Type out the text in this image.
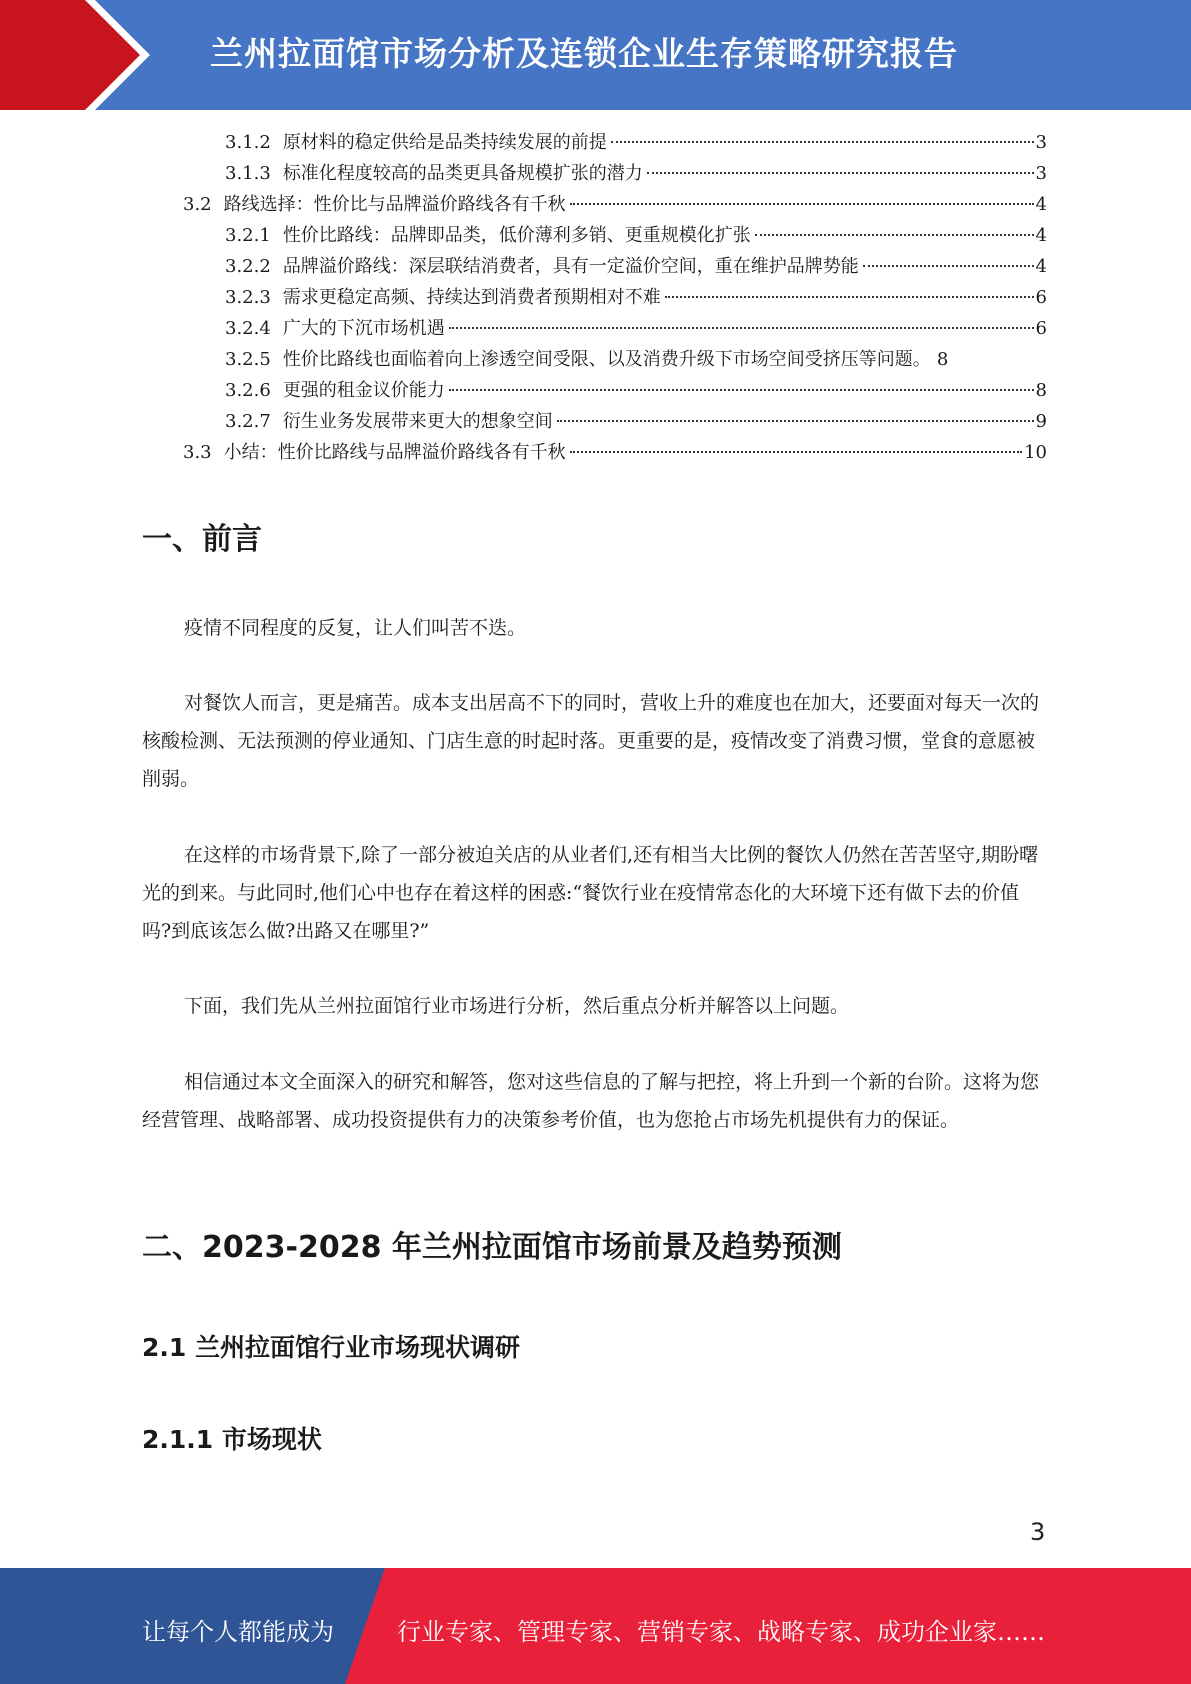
兰州拉面馆市场分析及连锁企业生存策略研究报告
3.1.2 原材料的稳定供给是品类持续发展的前提	3
3.1.3 标准化程度较高的品类更具备规模扩张的潜力	3
3.2 路线选择：性价比与品牌溢价路线各有千秋	4
3.2.1 性价比路线：品牌即品类，低价薄利多销、更重规模化扩张	4
3.2.2 品牌溢价路线：深层联结消费者，具有一定溢价空间，重在维护品牌势能	4
3.2.3 需求更稳定高频、持续达到消费者预期相对不难	6
3.2.4 广大的下沉市场机遇	6
3.2.5 性价比路线也面临着向上渗透空间受限、以及消费升级下市场空间受挤压等问题。 8
3.2.6 更强的租金议价能力	8
3.2.7 衍生业务发展带来更大的想象空间	9
3.3 小结：性价比路线与品牌溢价路线各有千秋	10
一、前言

疫情不同程度的反复，让人们叫苦不迭。

对餐饮人而言，更是痛苦。成本支出居高不下的同时，营收上升的难度也在加大，还要面对每天一次的核酸检测、无法预测的停业通知、门店生意的时起时落。更重要的是，疫情改变了消费习惯，堂食的意愿被削弱。

在这样的市场背景下,除了一部分被迫关店的从业者们,还有相当大比例的餐饮人仍然在苦苦坚守,期盼曙光的到来。与此同时,他们心中也存在着这样的困惑:“餐饮行业在疫情常态化的大环境下还有做下去的价值吗?到底该怎么做?出路又在哪里?”

下面，我们先从兰州拉面馆行业市场进行分析，然后重点分析并解答以上问题。

相信通过本文全面深入的研究和解答，您对这些信息的了解与把控，将上升到一个新的台阶。这将为您经营管理、战略部署、成功投资提供有力的决策参考价值，也为您抢占市场先机提供有力的保证。

二、2023-2028 年兰州拉面馆市场前景及趋势预测
2.1 兰州拉面馆行业市场现状调研
2.1.1 市场现状
3
让每个人都能成为	行业专家、管理专家、营销专家、战略专家、成功企业家……
